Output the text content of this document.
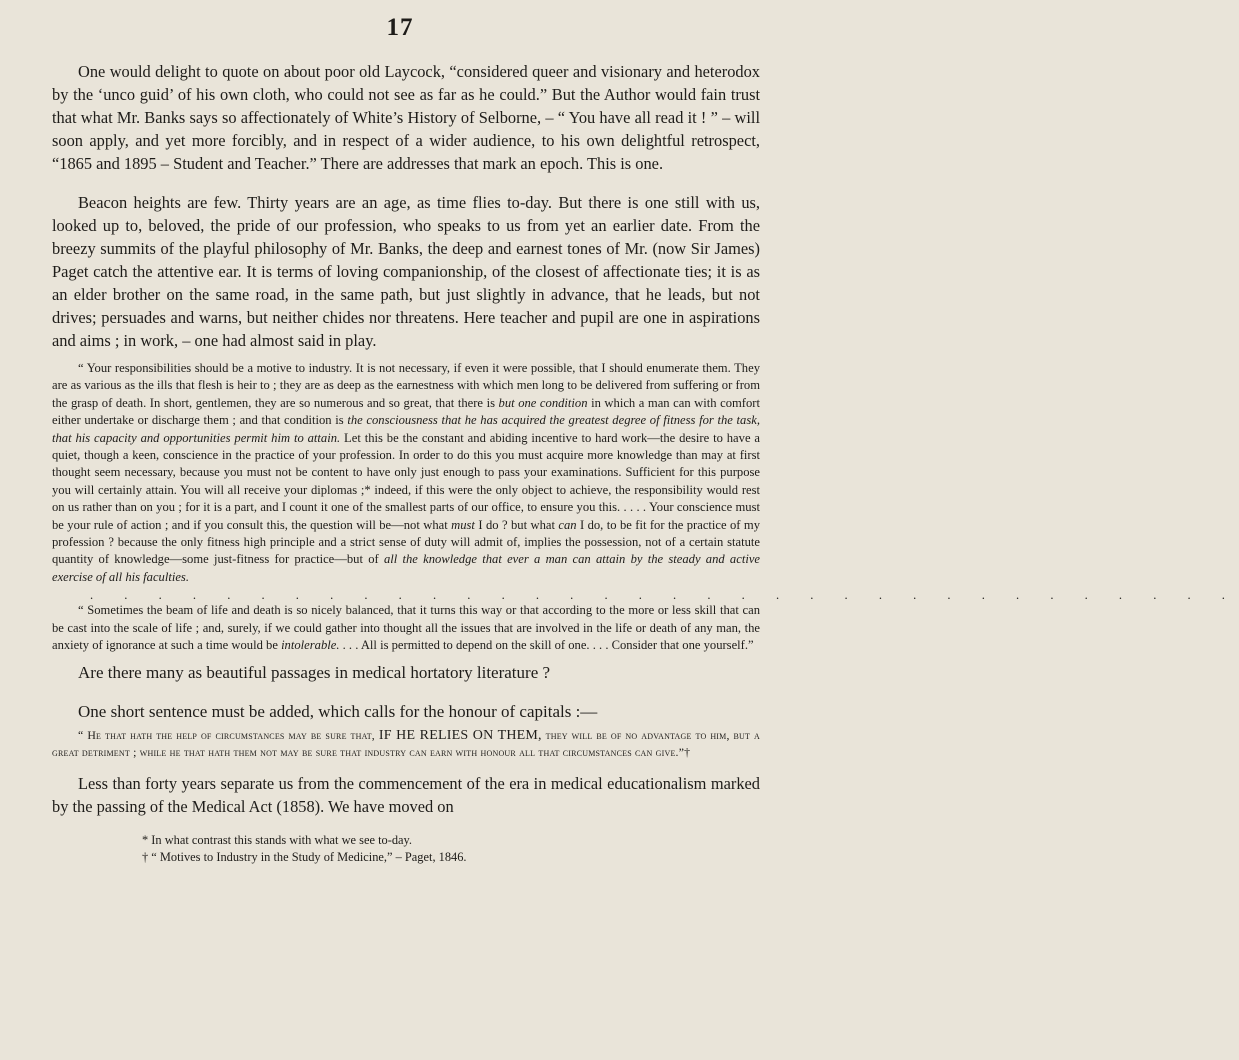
17

One would delight to quote on about poor old Laycock, “considered queer and visionary and heterodox by the ‘unco guid’ of his own cloth, who could not see as far as he could.” But the Author would fain trust that what Mr. Banks says so affectionately of White’s History of Selborne, – “ You have all read it ! ” – will soon apply, and yet more forcibly, and in respect of a wider audience, to his own delightful retrospect, “1865 and 1895 – Student and Teacher.” There are addresses that mark an epoch. This is one.

Beacon heights are few. Thirty years are an age, as time flies to-day. But there is one still with us, looked up to, beloved, the pride of our profession, who speaks to us from yet an earlier date. From the breezy summits of the playful philosophy of Mr. Banks, the deep and earnest tones of Mr. (now Sir James) Paget catch the attentive ear. It is terms of loving companionship, of the closest of affectionate ties; it is as an elder brother on the same road, in the same path, but just slightly in advance, that he leads, but not drives; persuades and warns, but neither chides nor threatens. Here teacher and pupil are one in aspirations and aims ; in work, – one had almost said in play.

“ Your responsibilities should be a motive to industry. It is not necessary, if even it were possible, that I should enumerate them. They are as various as the ills that flesh is heir to ; they are as deep as the earnestness with which men long to be delivered from suffering or from the grasp of death. In short, gentlemen, they are so numerous and so great, that there is but one condition in which a man can with comfort either undertake or discharge them ; and that condition is the consciousness that he has acquired the greatest degree of fitness for the task, that his capacity and opportunities permit him to attain. Let this be the constant and abiding incentive to hard work—the desire to have a quiet, though a keen, conscience in the practice of your profession. In order to do this you must acquire more knowledge than may at first thought seem necessary, because you must not be content to have only just enough to pass your examinations. Sufficient for this purpose you will certainly attain. You will all receive your diplomas ;* indeed, if this were the only object to achieve, the responsibility would rest on us rather than on you ; for it is a part, and I count it one of the smallest parts of our office, to ensure you this. . . . . Your conscience must be your rule of action ; and if you consult this, the question will be—not what must I do ? but what can I do, to be fit for the practice of my profession ? because the only fitness high principle and a strict sense of duty will admit of, implies the possession, not of a certain statute quantity of knowledge—some just-fitness for practice—but of all the knowledge that ever a man can attain by the steady and active exercise of all his faculties.

. . . . . . . . . . . . . . . . . . . . . . . . . . . . . . . . . .

“ Sometimes the beam of life and death is so nicely balanced, that it turns this way or that according to the more or less skill that can be cast into the scale of life ; and, surely, if we could gather into thought all the issues that are involved in the life or death of any man, the anxiety of ignorance at such a time would be intolerable. . . . All is permitted to depend on the skill of one. . . . Consider that one yourself.”

Are there many as beautiful passages in medical hortatory literature ?

One short sentence must be added, which calls for the honour of capitals :—

“ He that hath the help of circumstances may be sure that, IF HE RELIES ON THEM, they will be of no advantage to him, but a great detriment ; while he that hath them not may be sure that industry can earn with honour all that circumstances can give.”†

Less than forty years separate us from the commencement of the era in medical educationalism marked by the passing of the Medical Act (1858). We have moved on

* In what contrast this stands with what we see to-day.

† “ Motives to Industry in the Study of Medicine,” – Paget, 1846.
